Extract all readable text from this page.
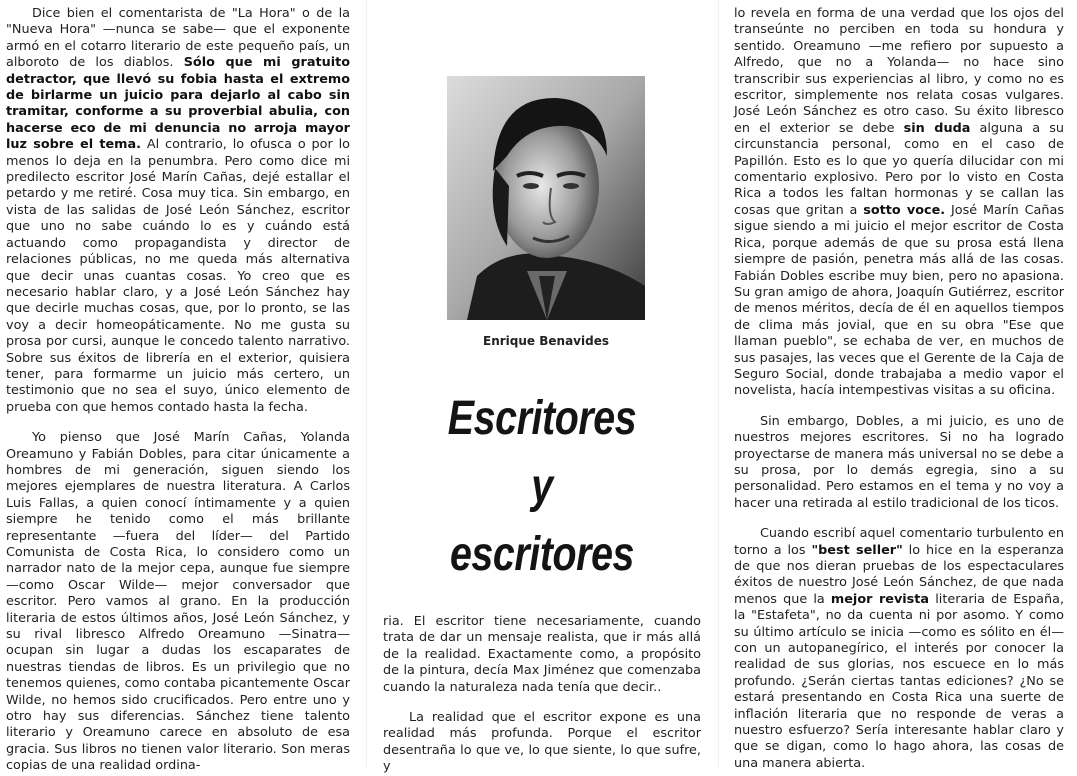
Dice bien el comentarista de "La Hora" o de la "Nueva Hora" —nunca se sabe— que el exponente armó en el cotarro literario de este pequeño país, un alboroto de los diablos. Sólo que mi gratuito detractor, que llevó su fobia hasta el extremo de birlarme un juicio para dejarlo al cabo sin tramitar, conforme a su proverbial abulia, con hacerse eco de mi denuncia no arroja mayor luz sobre el tema. Al contrario, lo ofusca o por lo menos lo deja en la penumbra. Pero como dice mi predilecto escritor José Marín Cañas, dejé estallar el petardo y me retiré. Cosa muy tica. Sin embargo, en vista de las salidas de José León Sánchez, escritor que uno no sabe cuándo lo es y cuándo está actuando como propagandista y director de relaciones públicas, no me queda más alternativa que decir unas cuantas cosas. Yo creo que es necesario hablar claro, y a José León Sánchez hay que decirle muchas cosas, que, por lo pronto, se las voy a decir homeopáticamente. No me gusta su prosa por cursi, aunque le concedo talento narrativo. Sobre sus éxitos de librería en el exterior, quisiera tener, para formarme un juicio más certero, un testimonio que no sea el suyo, único elemento de prueba con que hemos contado hasta la fecha.

Yo pienso que José Marín Cañas, Yolanda Oreamuno y Fabián Dobles, para citar únicamente a hombres de mi generación, siguen siendo los mejores ejemplares de nuestra literatura. A Carlos Luis Fallas, a quien conocí íntimamente y a quien siempre he tenido como el más brillante representante —fuera del líder— del Partido Comunista de Costa Rica, lo considero como un narrador nato de la mejor cepa, aunque fue siempre —como Oscar Wilde— mejor conversador que escritor. Pero vamos al grano. En la producción literaria de estos últimos años, José León Sánchez, y su rival libresco Alfredo Oreamuno —Sinatra— ocupan sin lugar a dudas los escaparates de nuestras tiendas de libros. Es un privilegio que no tenemos quienes, como contaba picantemente Oscar Wilde, no hemos sido crucificados. Pero entre uno y otro hay sus diferencias. Sánchez tiene talento literario y Oreamuno carece en absoluto de esa gracia. Sus libros no tienen valor literario. Son meras copias de una realidad ordina-

Enrique Benavides
Escritores
y
escritores

ria. El escritor tiene necesariamente, cuando trata de dar un mensaje realista, que ir más allá de la realidad. Exactamente como, a propósito de la pintura, decía Max Jiménez que comenzaba cuando la naturaleza nada tenía que decir..

La realidad que el escritor expone es una realidad más profunda. Porque el escritor desentraña lo que ve, lo que siente, lo que sufre, y

lo revela en forma de una verdad que los ojos del transeúnte no perciben en toda su hondura y sentido. Oreamuno —me refiero por supuesto a Alfredo, que no a Yolanda— no hace sino transcribir sus experiencias al libro, y como no es escritor, simplemente nos relata cosas vulgares. José León Sánchez es otro caso. Su éxito libresco en el exterior se debe sin duda alguna a su circunstancia personal, como en el caso de Papillón. Esto es lo que yo quería dilucidar con mi comentario explosivo. Pero por lo visto en Costa Rica a todos les faltan hormonas y se callan las cosas que gritan a sotto voce. José Marín Cañas sigue siendo a mi juicio el mejor escritor de Costa Rica, porque además de que su prosa está llena siempre de pasión, penetra más allá de las cosas. Fabián Dobles escribe muy bien, pero no apasiona. Su gran amigo de ahora, Joaquín Gutiérrez, escritor de menos méritos, decía de él en aquellos tiempos de clima más jovial, que en su obra "Ese que llaman pueblo", se echaba de ver, en muchos de sus pasajes, las veces que el Gerente de la Caja de Seguro Social, donde trabajaba a medio vapor el novelista, hacía intempestivas visitas a su oficina.

Sin embargo, Dobles, a mi juicio, es uno de nuestros mejores escritores. Si no ha logrado proyectarse de manera más universal no se debe a su prosa, por lo demás egregia, sino a su personalidad. Pero estamos en el tema y no voy a hacer una retirada al estilo tradicional de los ticos.

Cuando escribí aquel comentario turbulento en torno a los "best seller" lo hice en la esperanza de que nos dieran pruebas de los espectaculares éxitos de nuestro José León Sánchez, de que nada menos que la mejor revista literaria de España, la "Estafeta", no da cuenta ni por asomo. Y como su último artículo se inicia —como es sólito en él— con un autopanegírico, el interés por conocer la realidad de sus glorias, nos escuece en lo más profundo. ¿Serán ciertas tantas ediciones? ¿No se estará presentando en Costa Rica una suerte de inflación literaria que no responde de veras a nuestro esfuerzo? Sería interesante hablar claro y que se digan, como lo hago ahora, las cosas de una manera abierta.
